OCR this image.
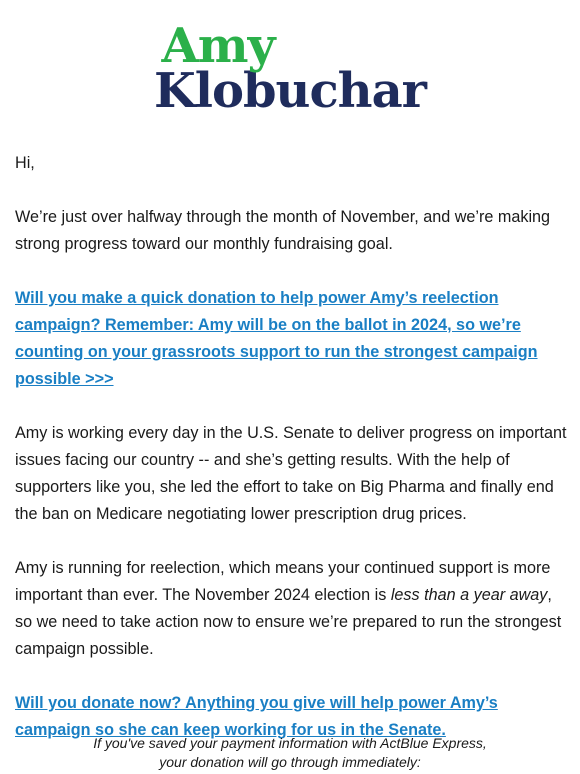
Amy
Klobuchar

Hi,

We’re just over halfway through the month of November, and we’re making strong progress toward our monthly fundraising goal.

Will you make a quick donation to help power Amy’s reelection campaign? Remember: Amy will be on the ballot in 2024, so we’re counting on your grassroots support to run the strongest campaign possible >>>

Amy is working every day in the U.S. Senate to deliver progress on important issues facing our country -- and she’s getting results. With the help of supporters like you, she led the effort to take on Big Pharma and finally end the ban on Medicare negotiating lower prescription drug prices.

Amy is running for reelection, which means your continued support is more important than ever. The November 2024 election is less than a year away, so we need to take action now to ensure we’re prepared to run the strongest campaign possible.

Will you donate now? Anything you give will help power Amy’s campaign so she can keep working for us in the Senate.

If you've saved your payment information with ActBlue Express,
your donation will go through immediately:
